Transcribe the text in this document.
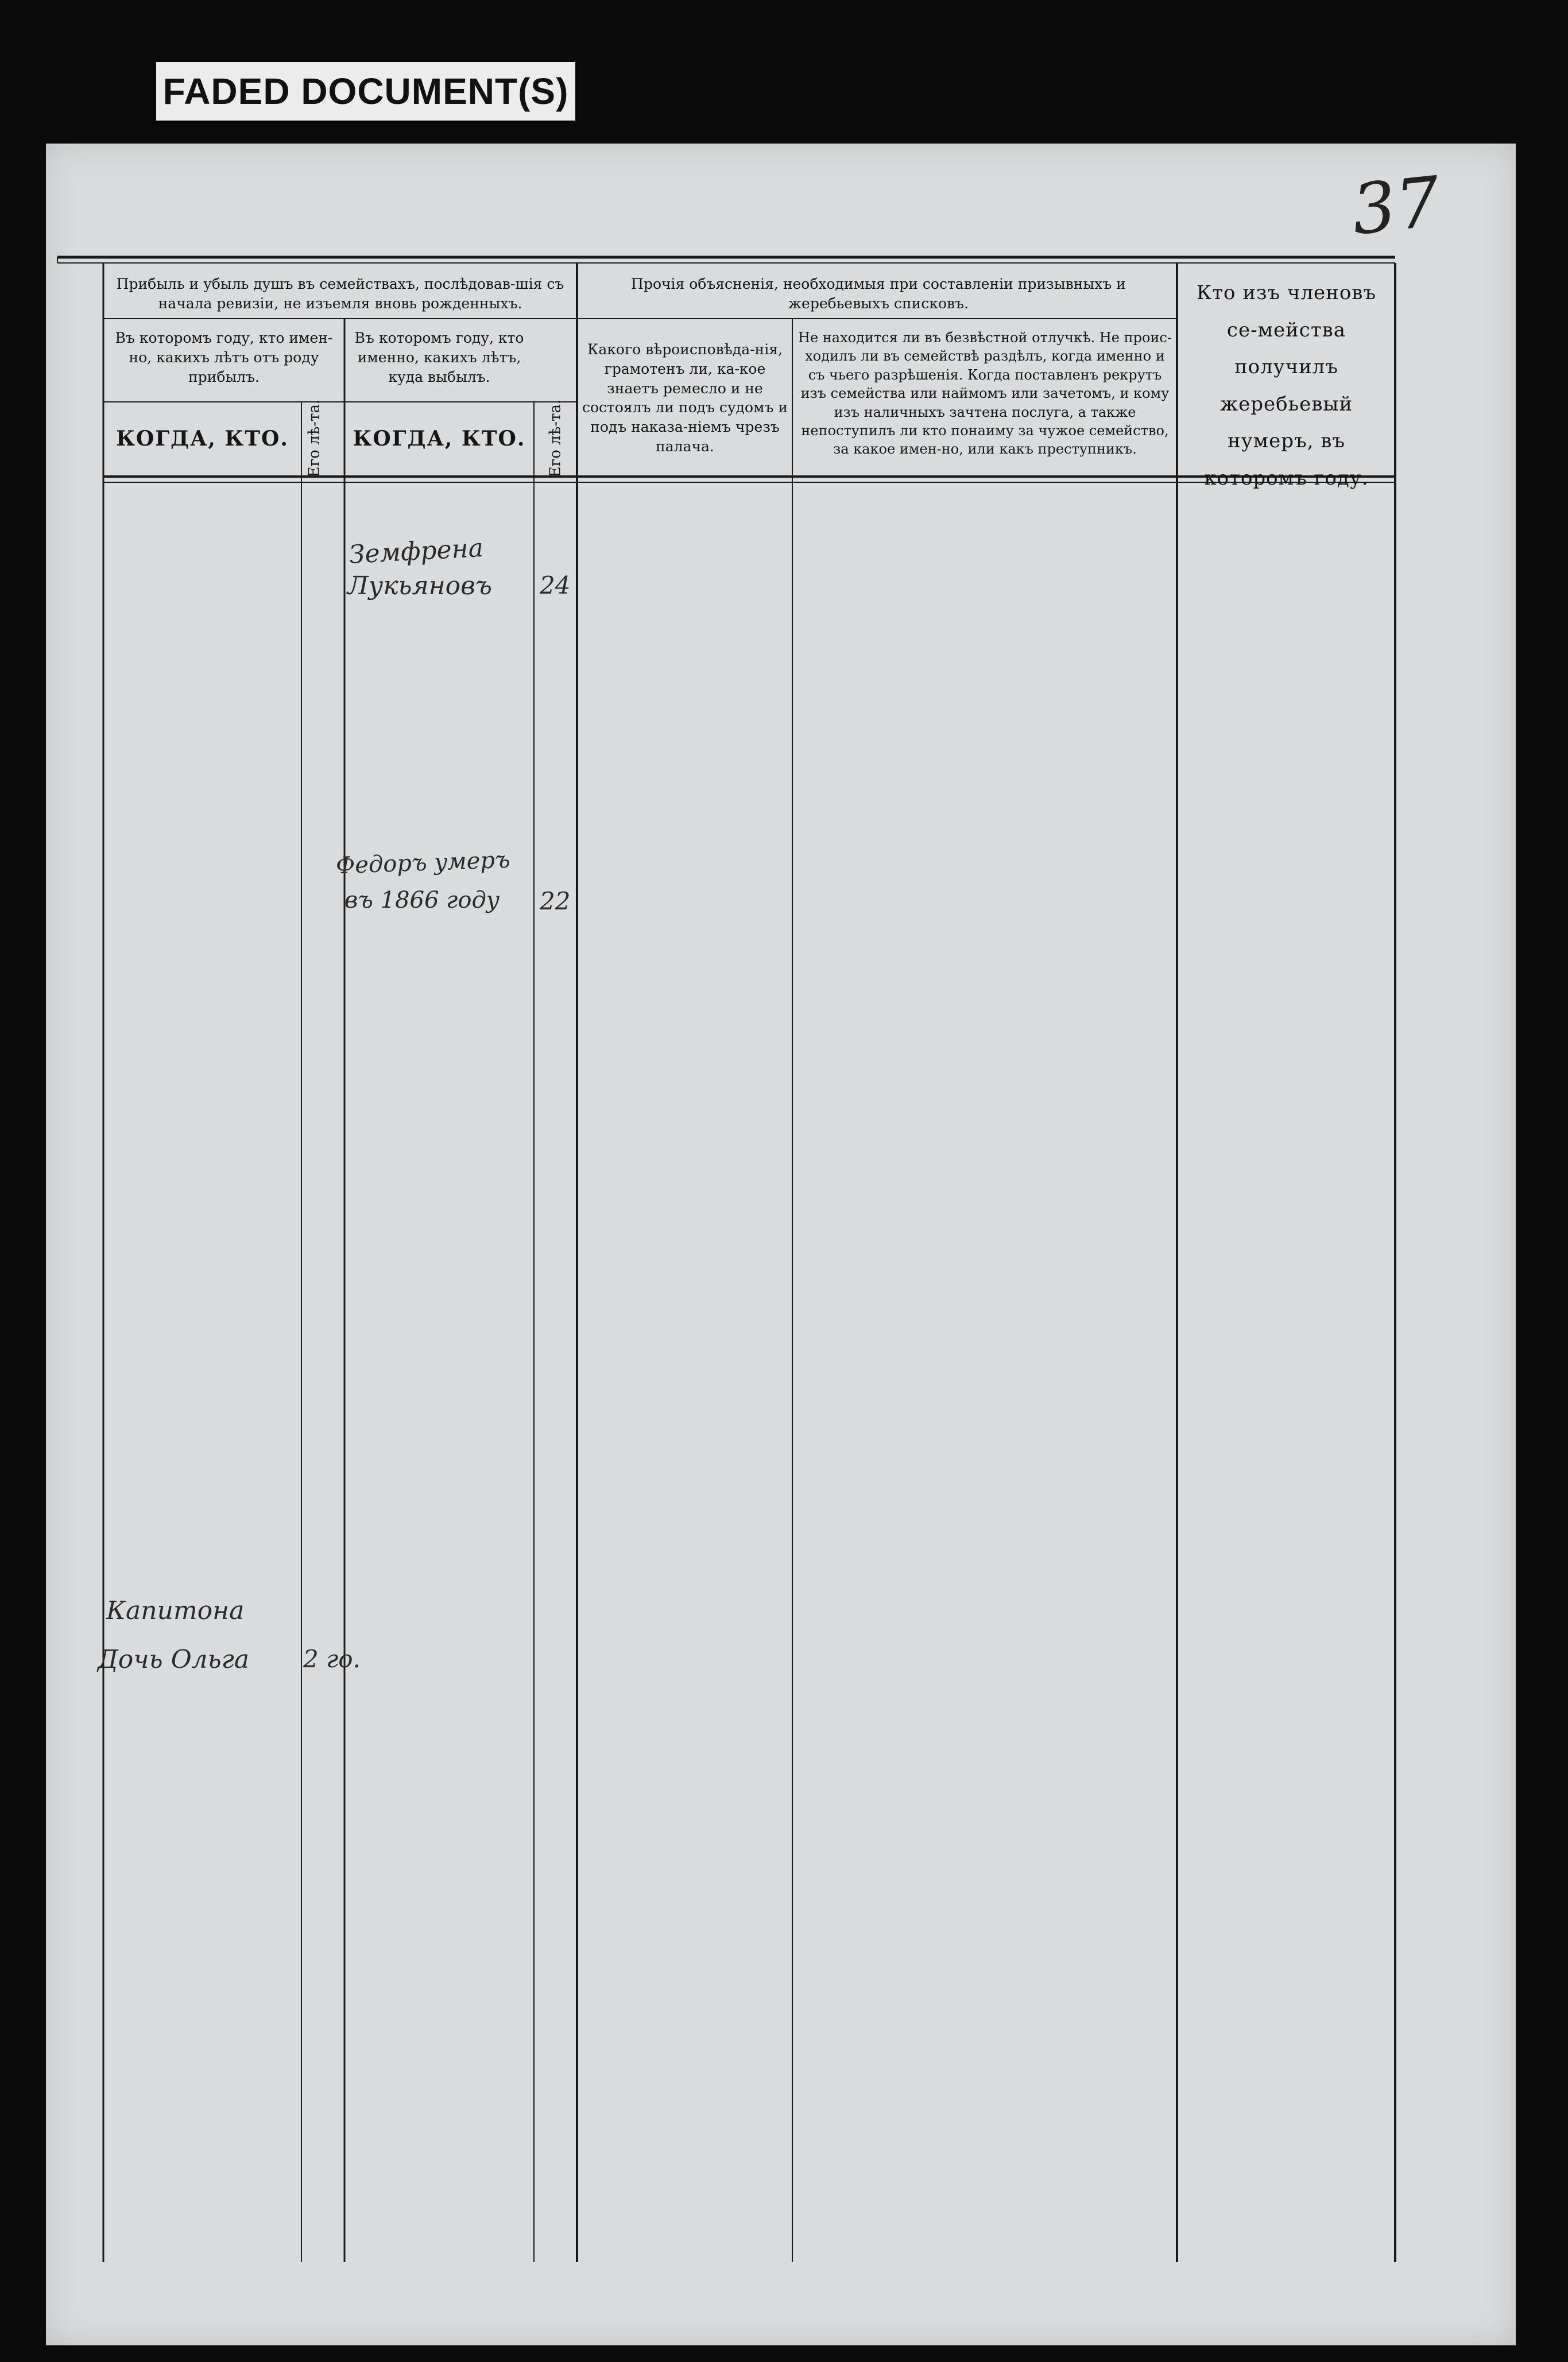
FADED DOCUMENT(S)
37
Прибыль и убыль душъ въ семействахъ, послѣдовав-шія съ начала ревизіи, не изъемля вновь рожденныхъ.
Въ которомъ году, кто имен-но, какихъ лѣтъ отъ роду прибылъ.
Въ которомъ году, кто именно, какихъ лѣтъ, куда выбылъ.
КОГДА, КТО.	Его лѣ-та. КОГДА, КТО.	Его лѣ-та.
Прочія объясненія, необходимыя при составленіи призывныхъ и жеребьевыхъ списковъ.
Какого вѣроисповѣда-нія, грамотенъ ли, ка-кое знаетъ ремесло и не состоялъ ли подъ судомъ и подъ наказа-ніемъ чрезъ палача.
Не находится ли въ безвѣстной отлучкѣ. Не проис-ходилъ ли въ семействѣ раздѣлъ, когда именно и съ чьего разрѣшенія. Когда поставленъ рекрутъ изъ семейства или наймомъ или зачетомъ, и кому изъ наличныхъ зачтена послуга, а также непоступилъ ли кто понаиму за чужое семейство, за какое имен-но, или какъ преступникъ.
Кто изъ членовъ се-мейства получилъ жеребьевый нумеръ, въ которомъ году.
Земфрена
Лукьяновъ 24
Федоръ умеръ
въ 1866 году 22
Капитона
Дочь Ольга 2 го.
